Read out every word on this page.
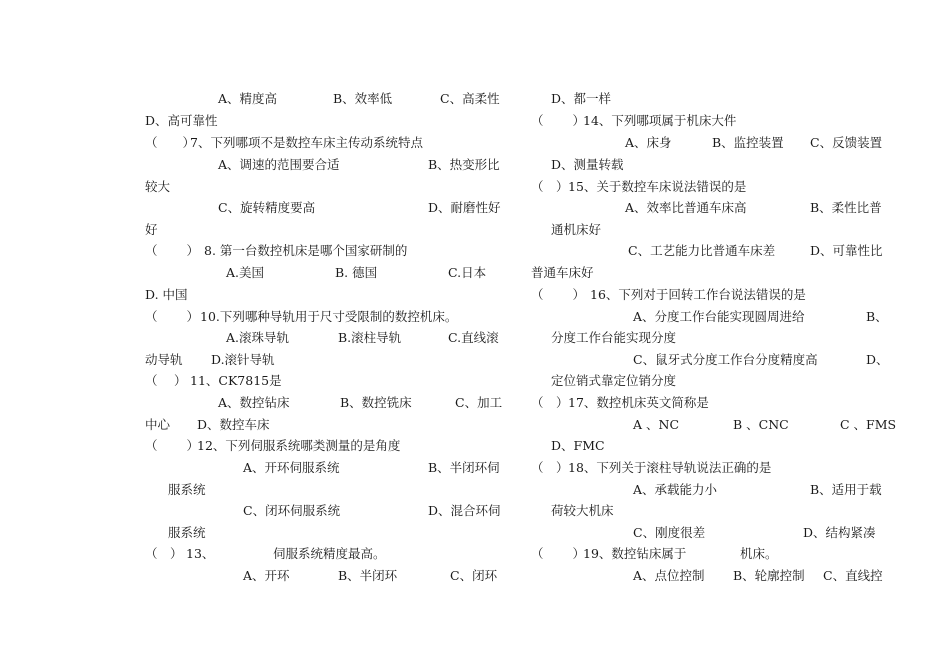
A、精度高	B、效率低	C、高柔性
D、高可靠性
（　　）
7、下列哪项不是数控车床主传动系统特点
A、调速的范围要合适	B、热变形比
较大
C、旋转精度要高	D、耐磨性好
好
（　　 ） 8. 第一台数控机床是哪个国家研制的
A.美国	B. 德国	C.日本
D. 中国
（　　 ） 10.下列哪种导轨用于尺寸受限制的数控机床。
A.滚珠导轨	B.滚柱导轨	C.直线滚
动导轨 D.滚针导轨
（　 ） 11、CK7815是
A、数控钻床	B、数控铣床	C、加工
中心 D、数控车床
（　　 ）
12、下列伺服系统哪类测量的是角度
A、开环伺服系统	B、半闭环伺
服系统
C、闭环伺服系统	D、混合环伺
服系统
（　） 13、	伺服系统精度最高。
A、开环	B、半闭环	C、闭环
D、都一样
（　　 ）
14、下列哪项属于机床大件
A、床身	B、监控装置 C、反馈装置
D、测量转载
（　） 15、关于数控车床说法错误的是
A、效率比普通车床高	B、柔性比普
通机床好
C、工艺能力比普通车床差	D、可靠性比
普通车床好
（　　 ） 16、下列对于回转工作台说法错误的是
A、分度工作台能实现圆周进给	B、
分度工作台能实现分度
C、鼠牙式分度工作台分度精度高	D、
定位销式靠定位销分度
（　） 17、数控机床英文简称是
A 、NC	B 、CNC	C 、FMS
D、FMC
（　） 18、下列关于滚柱导轨说法正确的是
A、承载能力小	B、适用于载
荷较大机床
C、刚度很差	D、结构紧凑
（　　 ）
19、数控钻床属于	机床。
A、点位控制 B、轮廓控制 C、直线控
